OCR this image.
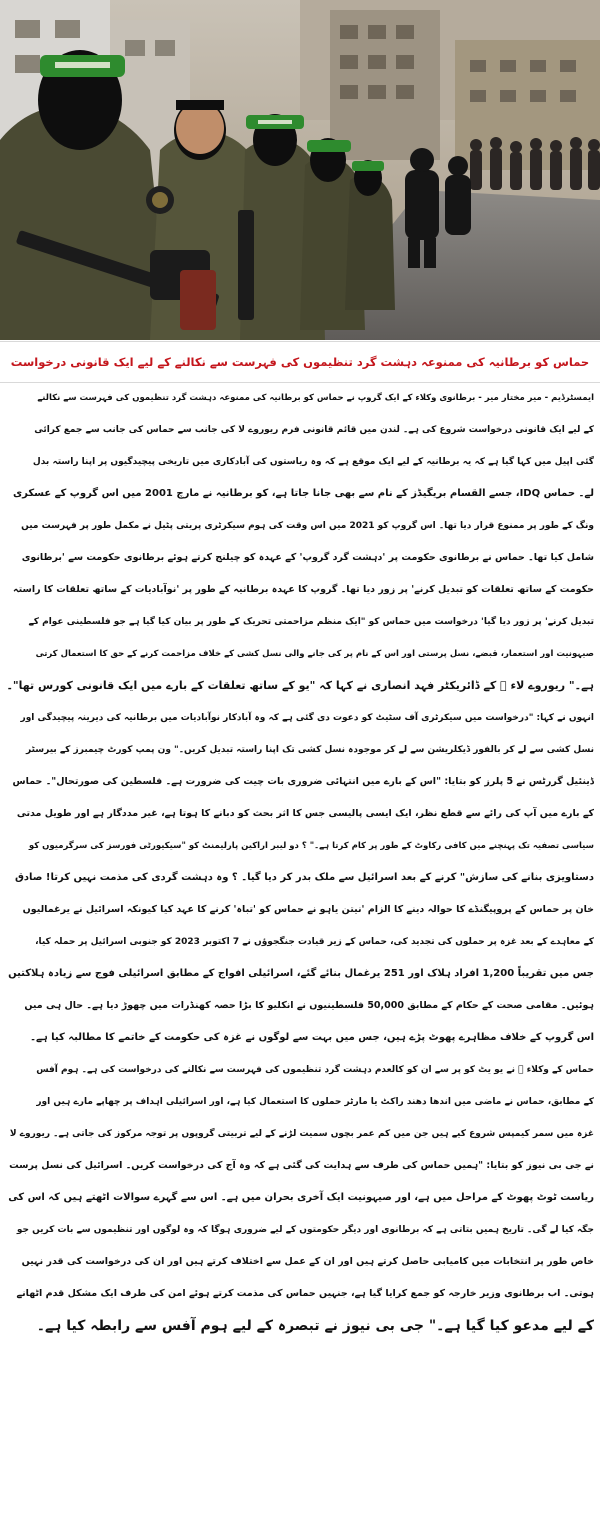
حماس کو برطانیہ کی ممنوعہ دہشت گرد تنظیموں کی فہرست سے نکالنے کے لیے ایک قانونی درخواست
ایمسٹرڈیم - میر مختار میر - برطانوی وکلاء کے ایک گروپ نے حماس کو برطانیہ کی ممنوعہ دہشت گرد تنظیموں کی فہرست سے نکالنے
کے لیے ایک قانونی درخواست شروع کی ہے۔ لندن میں قائم قانونی فرم ریوروے لا کی جانب سے حماس کی جانب سے جمع کرائی
گئی اپیل میں کہا گیا ہے کہ یہ برطانیہ کے لیے ایک موقع ہے کہ وہ ریاستوں کی آبادکاری میں تاریخی پیچیدگیوں پر اپنا راستہ بدل
لے۔ حماس IDQ، جسے القسام بریگیڈز کے نام سے بھی جانا جاتا ہے، کو برطانیہ نے مارچ 2001 میں اس گروپ کے عسکری
ونگ کے طور پر ممنوع قرار دیا تھا۔ اس گروپ کو 2021 میں اس وقت کی ہوم سیکرٹری پریتی پٹیل نے مکمل طور پر فہرست میں
شامل کیا تھا۔ حماس نے برطانوی حکومت پر 'دہشت گرد گروپ' کے عہدہ کو چیلنج کرتے ہوئے برطانوی حکومت سے 'برطانوی
حکومت کے ساتھ تعلقات کو تبدیل کرنے' پر زور دیا تھا۔ گروپ کا عہدہ برطانیہ کے طور پر 'نوآبادیات کے ساتھ تعلقات کا راستہ
تبدیل کرنے' پر زور دیا گیا' درخواست میں حماس کو "ایک منظم مزاحمتی تحریک کے طور پر بیان کیا گیا ہے جو فلسطینی عوام کے
صیہونیت اور استعمار، قبضے، نسل پرستی اور اس کے نام پر کی جانے والی نسل کشی کے خلاف مزاحمت کرنے کے حق کا استعمال کرتی
ہے۔" ریوروے لاء ⃞ کے ڈائریکٹر فہد انصاری نے کہا کہ "یو کے ساتھ تعلقات کے بارے میں ایک قانونی کورس تھا"۔
انہوں نے کہا: "درخواست میں سیکرٹری آف سٹیٹ کو دعوت دی گئی ہے کہ وہ آبادکار نوآبادیات میں برطانیہ کی دیرینہ پیچیدگی اور
نسل کشی سے لے کر بالفور ڈیکلریشن سے لے کر موجودہ نسل کشی تک اپنا راستہ تبدیل کریں۔" ون پمپ کورٹ چیمبرز کے بیرسٹر
ڈینئیل گررٹس نے 5 پلرز کو بتایا: "اس کے بارے میں انتہائی ضروری بات چیت کی ضرورت ہے۔ فلسطین کی صورتحال"۔ حماس
کے بارے میں آپ کی رائے سے قطع نظر، ایک ایسی پالیسی جس کا اثر بحث کو دبانے کا ہوتا ہے، غیر مددگار ہے اور طویل مدتی
سیاسی تصفیہ تک پہنچنے میں کافی رکاوٹ کے طور پر کام کرتا ہے۔" ؟ دو لیبر اراکین پارلیمنٹ کو "سیکیورٹی فورسز کی سرگرمیوں کو
دستاویزی بنانے کی سازش" کرنے کے بعد اسرائیل سے ملک بدر کر دیا گیا۔ ؟ وہ دہشت گردی کی مذمت نہیں کرتا! صادق
خان پر حماس کے پروپیگنڈے کا حوالہ دینے کا الزام 'نیتن یاہو نے حماس کو 'تباہ' کرنے کا عہد کیا کیونکہ اسرائیل نے یرغمالیوں
کے معاہدے کے بعد غزہ پر حملوں کی تجدید کی، حماس کے زیر قیادت جنگجوؤں نے 7 اکتوبر 2023 کو جنوبی اسرائیل پر حملہ کیا،
جس میں تقریباً 1,200 افراد ہلاک اور 251 یرغمال بنائے گئے، اسرائیلی افواج کے مطابق اسرائیلی فوج سے زیادہ ہلاکتیں
ہوئیں۔ مقامی صحت کے حکام کے مطابق 50,000 فلسطینیوں نے انکلیو کا بڑا حصہ کھنڈرات میں چھوڑ دیا ہے۔ حال ہی میں
اس گروپ کے خلاف مظاہرے پھوٹ پڑے ہیں، جس میں بہت سے لوگوں نے غزہ کی حکومت کے خاتمے کا مطالبہ کیا ہے۔
حماس کے وکلاء ⃞ نے یو یٹ کو پر سے ان کو کالعدم دہشت گرد تنظیموں کی فہرست سے نکالنے کی درخواست کی ہے۔ ہوم آفس
کے مطابق، حماس نے ماضی میں اندھا دھند راکٹ یا مارٹر حملوں کا استعمال کیا ہے، اور اسرائیلی اہداف پر چھاپے مارے ہیں اور
غزہ میں سمر کیمپس شروع کیے ہیں جن میں کم عمر بچوں سمیت لڑنے کے لیے تربیتی گروپوں پر توجہ مرکوز کی جاتی ہے۔ ریوروے لا
نے جی بی نیوز کو بتایا: "ہمیں حماس کی طرف سے ہدایت کی گئی ہے کہ وہ آج کی درخواست کریں۔ اسرائیل کی نسل پرست
ریاست ٹوٹ پھوٹ کے مراحل میں ہے، اور صیہونیت ایک آخری بحران میں ہے۔ اس سے گہرے سوالات اٹھتے ہیں کہ اس کی
جگہ کیا لے گی۔ تاریخ ہمیں بتاتی ہے کہ برطانوی اور دیگر حکومتوں کے لیے ضروری ہوگا کہ وہ لوگوں اور تنظیموں سے بات کریں جو
خاص طور پر انتخابات میں کامیابی حاصل کرتے ہیں اور ان کے عمل سے اختلاف کرتے ہیں اور ان کی درخواست کی قدر نہیں
ہوتی۔ اب برطانوی وزیر خارجہ کو جمع کرایا گیا ہے، جنہیں حماس کی مذمت کرتے ہوئے امن کی طرف ایک مشکل قدم اٹھانے
کے لیے مدعو کیا گیا ہے۔" جی بی نیوز نے تبصرہ کے لیے ہوم آفس سے رابطہ کیا ہے۔
